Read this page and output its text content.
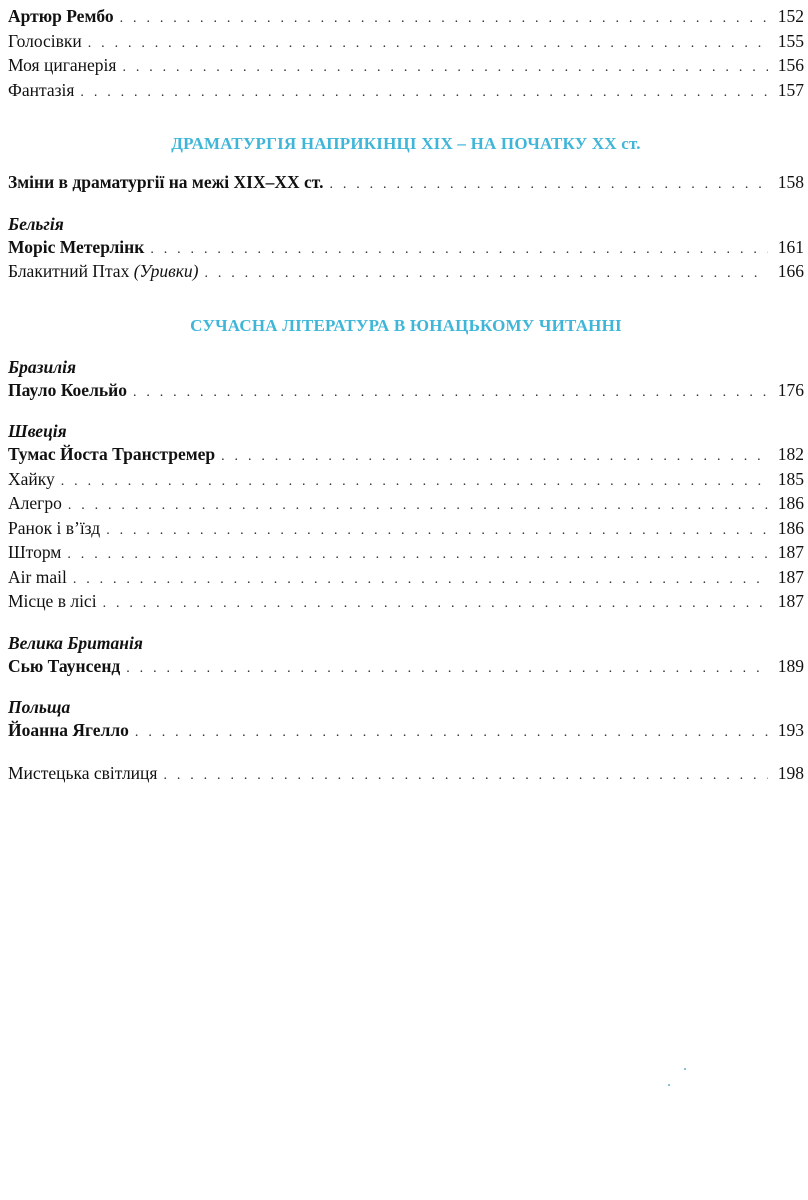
Артюр Рембо . . .	152
Голосівки . . .	155
Моя циганерія . . .	156
Фантазія . . .	157
ДРАМАТУРГІЯ НАПРИКІНЦІ XIX – НА ПОЧАТКУ XX ст.
Зміни в драматургії на межі XIX–XX ст. . . .	158
Бельгія
Моріс Метерлінк . . .	161
Блакитний Птах (Уривки) . . .	166
СУЧАСНА ЛІТЕРАТУРА В ЮНАЦЬКОМУ ЧИТАННІ
Бразилія
Пауло Коельйо . . .	176
Швеція
Тумас Йоста Транстремер . . .	182
Хайку . . .	185
Алегро . . .	186
Ранок і в’їзд . . .	186
Шторм . . .	187
Air mail . . .	187
Місце в лісі . . .	187
Велика Британія
Сью Таунсенд . . .	189
Польща
Йоанна Ягелло . . .	193
Мистецька світлиця . . .	198
